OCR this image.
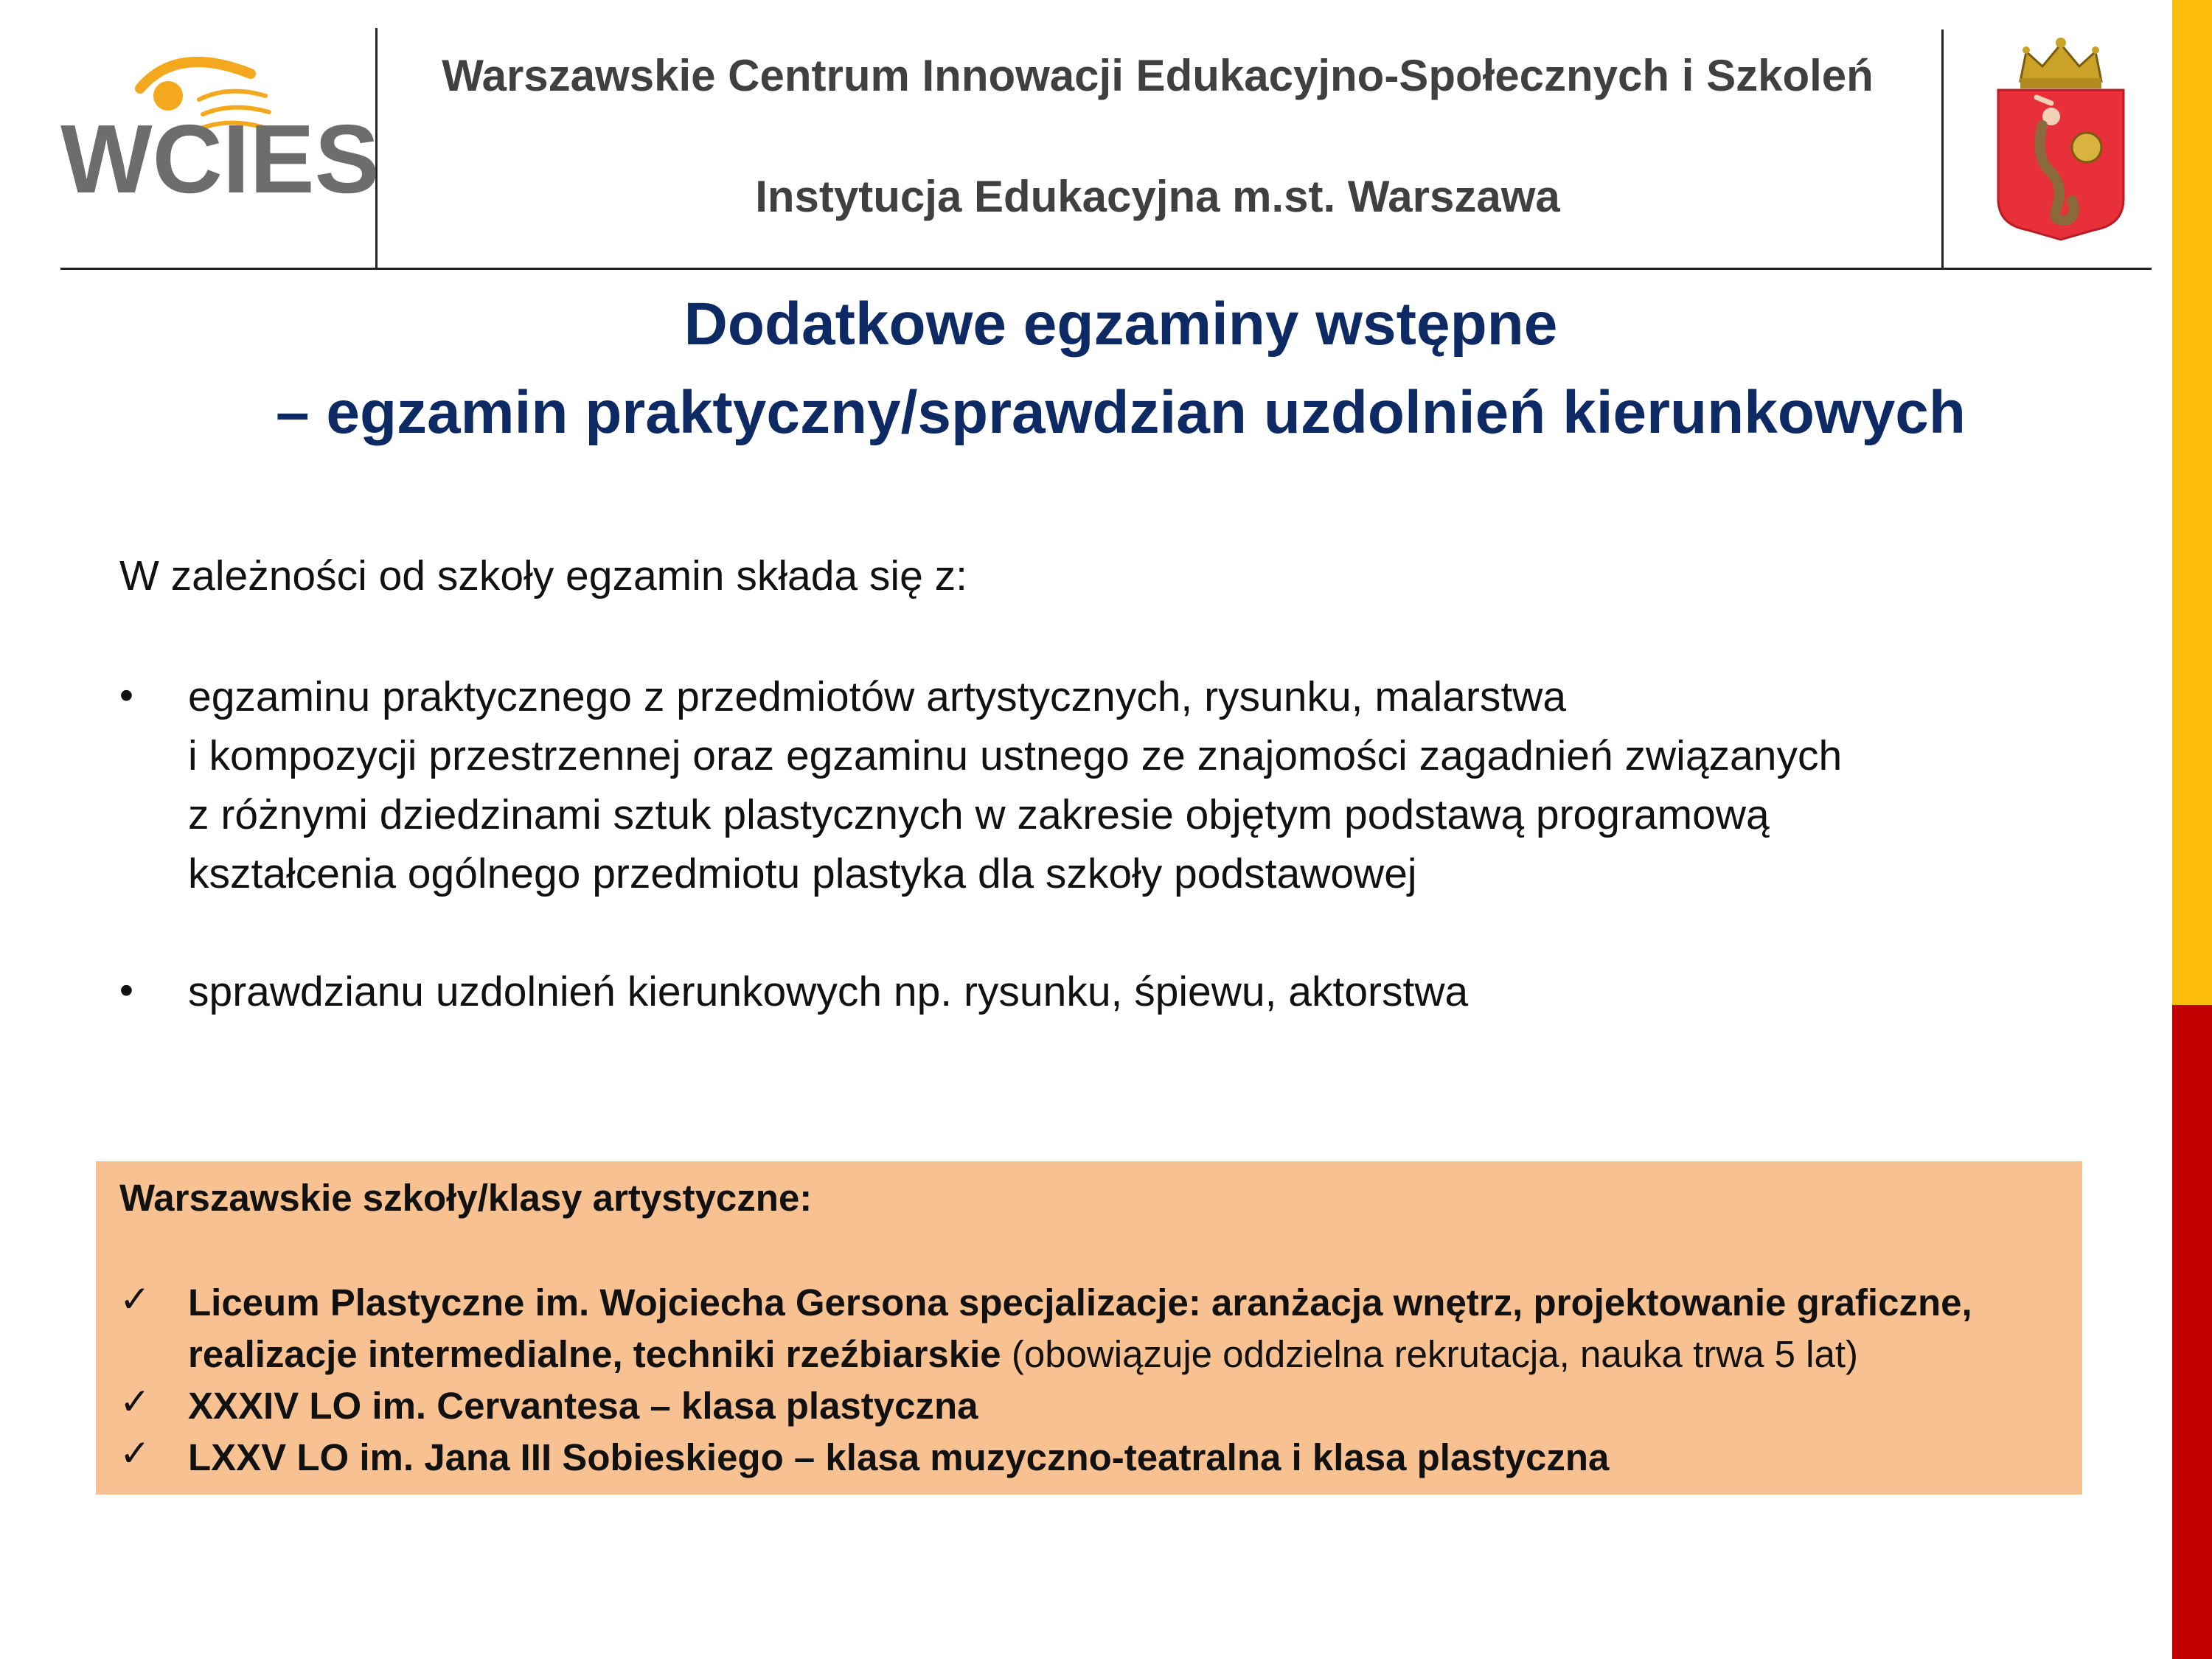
WCIES
Warszawskie Centrum Innowacji Edukacyjno-Społecznych i Szkoleń
Instytucja Edukacyjna m.st. Warszawa
Dodatkowe egzaminy wstępne
– egzamin praktyczny/sprawdzian uzdolnień kierunkowych
W zależności od szkoły egzamin składa się z:
• egzaminu praktycznego z przedmiotów artystycznych, rysunku, malarstwa
i kompozycji przestrzennej oraz egzaminu ustnego ze znajomości zagadnień związanych
z różnymi dziedzinami sztuk plastycznych w zakresie objętym podstawą programową
kształcenia ogólnego przedmiotu plastyka dla szkoły podstawowej
• sprawdzianu uzdolnień kierunkowych np. rysunku, śpiewu, aktorstwa
Warszawskie szkoły/klasy artystyczne:
✓ Liceum Plastyczne im. Wojciecha Gersona specjalizacje: aranżacja wnętrz, projektowanie graficzne,
realizacje intermedialne, techniki rzeźbiarskie (obowiązuje oddzielna rekrutacja, nauka trwa 5 lat)
✓ XXXIV LO im. Cervantesa – klasa plastyczna
✓ LXXV LO im. Jana III Sobieskiego – klasa muzyczno-teatralna i klasa plastyczna
